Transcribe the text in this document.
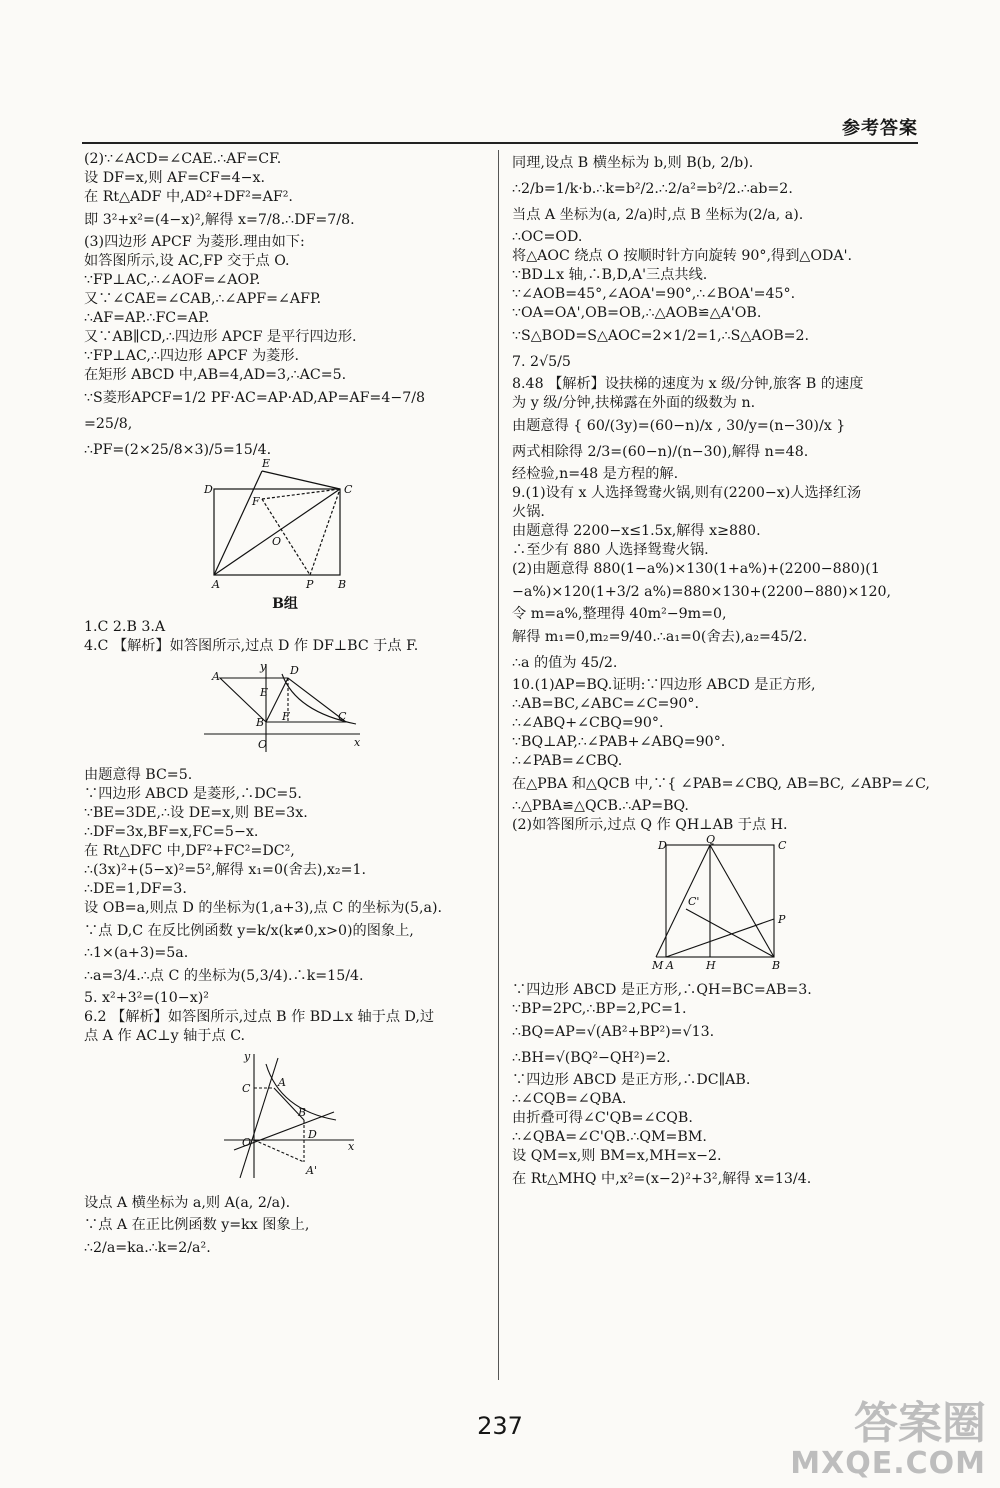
参考答案
(2)∵∠ACD=∠CAE.∴AF=CF.
设 DF=x,则 AF=CF=4−x.
在 Rt△ADF 中,AD²+DF²=AF².
即 3²+x²=(4−x)²,解得 x=7/8.∴DF=7/8.
(3)四边形 APCF 为菱形.理由如下:
如答图所示,设 AC,FP 交于点 O.
∵FP⊥AC,∴∠AOF=∠AOP.
又∵∠CAE=∠CAB,∴∠APF=∠AFP.
∴AF=AP.∴FC=AP.
又∵AB∥CD,∴四边形 APCF 是平行四边形.
∵FP⊥AC,∴四边形 APCF 为菱形.
在矩形 ABCD 中,AB=4,AD=3,∴AC=5.
∵S菱形APCF=1/2 PF·AC=AP·AD,AP=AF=4−7/8
=25/8,
∴PF=(2×25/8×3)/5=15/4.
E
D	C
F
O
A	P B
B组
1.C 2.B 3.A
4.C 【解析】如答图所示,过点 D 作 DF⊥BC 于点 F.
y
A	D
E
F	C
B
O	x
由题意得 BC=5.
∵四边形 ABCD 是菱形,∴DC=5.
∵BE=3DE,∴设 DE=x,则 BE=3x.
∴DF=3x,BF=x,FC=5−x.
在 Rt△DFC 中,DF²+FC²=DC²,
∴(3x)²+(5−x)²=5²,解得 x₁=0(舍去),x₂=1.
∴DE=1,DF=3.
设 OB=a,则点 D 的坐标为(1,a+3),点 C 的坐标为(5,a).
∵点 D,C 在反比例函数 y=k/x(k≠0,x>0)的图象上,
∴1×(a+3)=5a.
∴a=3/4.∴点 C 的坐标为(5,3/4).∴k=15/4.
5. x²+3²=(10−x)²
6.2 【解析】如答图所示,过点 B 作 BD⊥x 轴于点 D,过
点 A 作 AC⊥y 轴于点 C.
y
C	A
B
O
D
x
A'
设点 A 横坐标为 a,则 A(a, 2/a).
∵点 A 在正比例函数 y=kx 图象上,
∴2/a=ka.∴k=2/a².
同理,设点 B 横坐标为 b,则 B(b, 2/b).
∴2/b=1/k·b.∴k=b²/2.∴2/a²=b²/2.∴ab=2.
当点 A 坐标为(a, 2/a)时,点 B 坐标为(2/a, a).
∴OC=OD.
将△AOC 绕点 O 按顺时针方向旋转 90°,得到△ODA'.
∵BD⊥x 轴,∴B,D,A'三点共线.
∵∠AOB=45°,∠AOA'=90°,∴∠BOA'=45°.
∵OA=OA',OB=OB,∴△AOB≌△A'OB.
∵S△BOD=S△AOC=2×1/2=1,∴S△AOB=2.
7. 2√5/5
8.48 【解析】设扶梯的速度为 x 级/分钟,旅客 B 的速度
为 y 级/分钟,扶梯露在外面的级数为 n.
由题意得 { 60/(3y)=(60−n)/x , 30/y=(n−30)/x }
两式相除得 2/3=(60−n)/(n−30),解得 n=48.
经检验,n=48 是方程的解.
9.(1)设有 x 人选择鸳鸯火锅,则有(2200−x)人选择红汤
火锅.
由题意得 2200−x≤1.5x,解得 x≥880.
∴至少有 880 人选择鸳鸯火锅.
(2)由题意得 880(1−a%)×130(1+a%)+(2200−880)(1
−a%)×120(1+3/2 a%)=880×130+(2200−880)×120,
令 m=a%,整理得 40m²−9m=0,
解得 m₁=0,m₂=9/40.∴a₁=0(舍去),a₂=45/2.
∴a 的值为 45/2.
10.(1)AP=BQ.证明:∵四边形 ABCD 是正方形,
∴AB=BC,∠ABC=∠C=90°.
∴∠ABQ+∠CBQ=90°.
∵BQ⊥AP,∴∠PAB+∠ABQ=90°.
∴∠PAB=∠CBQ.
在△PBA 和△QCB 中,∵{ ∠PAB=∠CBQ, AB=BC, ∠ABP=∠C,
∴△PBA≌△QCB.∴AP=BQ.
(2)如答图所示,过点 Q 作 QH⊥AB 于点 H.
D	Q	C
P
C'
M A	H	B
∵四边形 ABCD 是正方形,∴QH=BC=AB=3.
∵BP=2PC,∴BP=2,PC=1.
∴BQ=AP=√(AB²+BP²)=√13.
∴BH=√(BQ²−QH²)=2.
∵四边形 ABCD 是正方形,∴DC∥AB.
∴∠CQB=∠QBA.
由折叠可得∠C'QB=∠CQB.
∴∠QBA=∠C'QB.∴QM=BM.
设 QM=x,则 BM=x,MH=x−2.
在 Rt△MHQ 中,x²=(x−2)²+3²,解得 x=13/4.
237	答案圈
MXQE.COM
